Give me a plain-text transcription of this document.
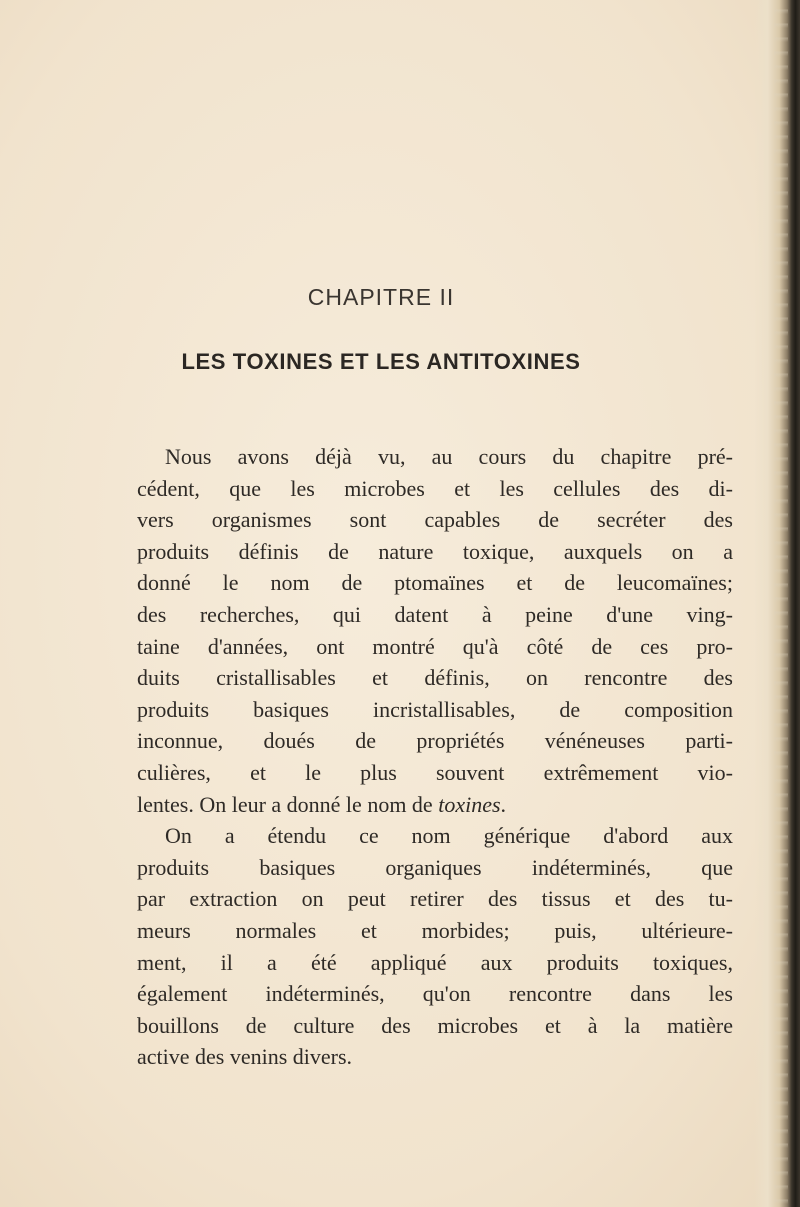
CHAPITRE II
LES TOXINES ET LES ANTITOXINES
Nous avons déjà vu, au cours du chapitre pré-
cédent, que les microbes et les cellules des di-
vers organismes sont capables de secréter des
produits définis de nature toxique, auxquels on a
donné le nom de ptomaïnes et de leucomaïnes;
des recherches, qui datent à peine d'une ving-
taine d'années, ont montré qu'à côté de ces pro-
duits cristallisables et définis, on rencontre des
produits basiques incristallisables, de composition
inconnue, doués de propriétés vénéneuses parti-
culières, et le plus souvent extrêmement vio-
lentes. On leur a donné le nom de toxines.
On a étendu ce nom générique d'abord aux
produits basiques organiques indéterminés, que
par extraction on peut retirer des tissus et des tu-
meurs normales et morbides; puis, ultérieure-
ment, il a été appliqué aux produits toxiques,
également indéterminés, qu'on rencontre dans les
bouillons de culture des microbes et à la matière
active des venins divers.
